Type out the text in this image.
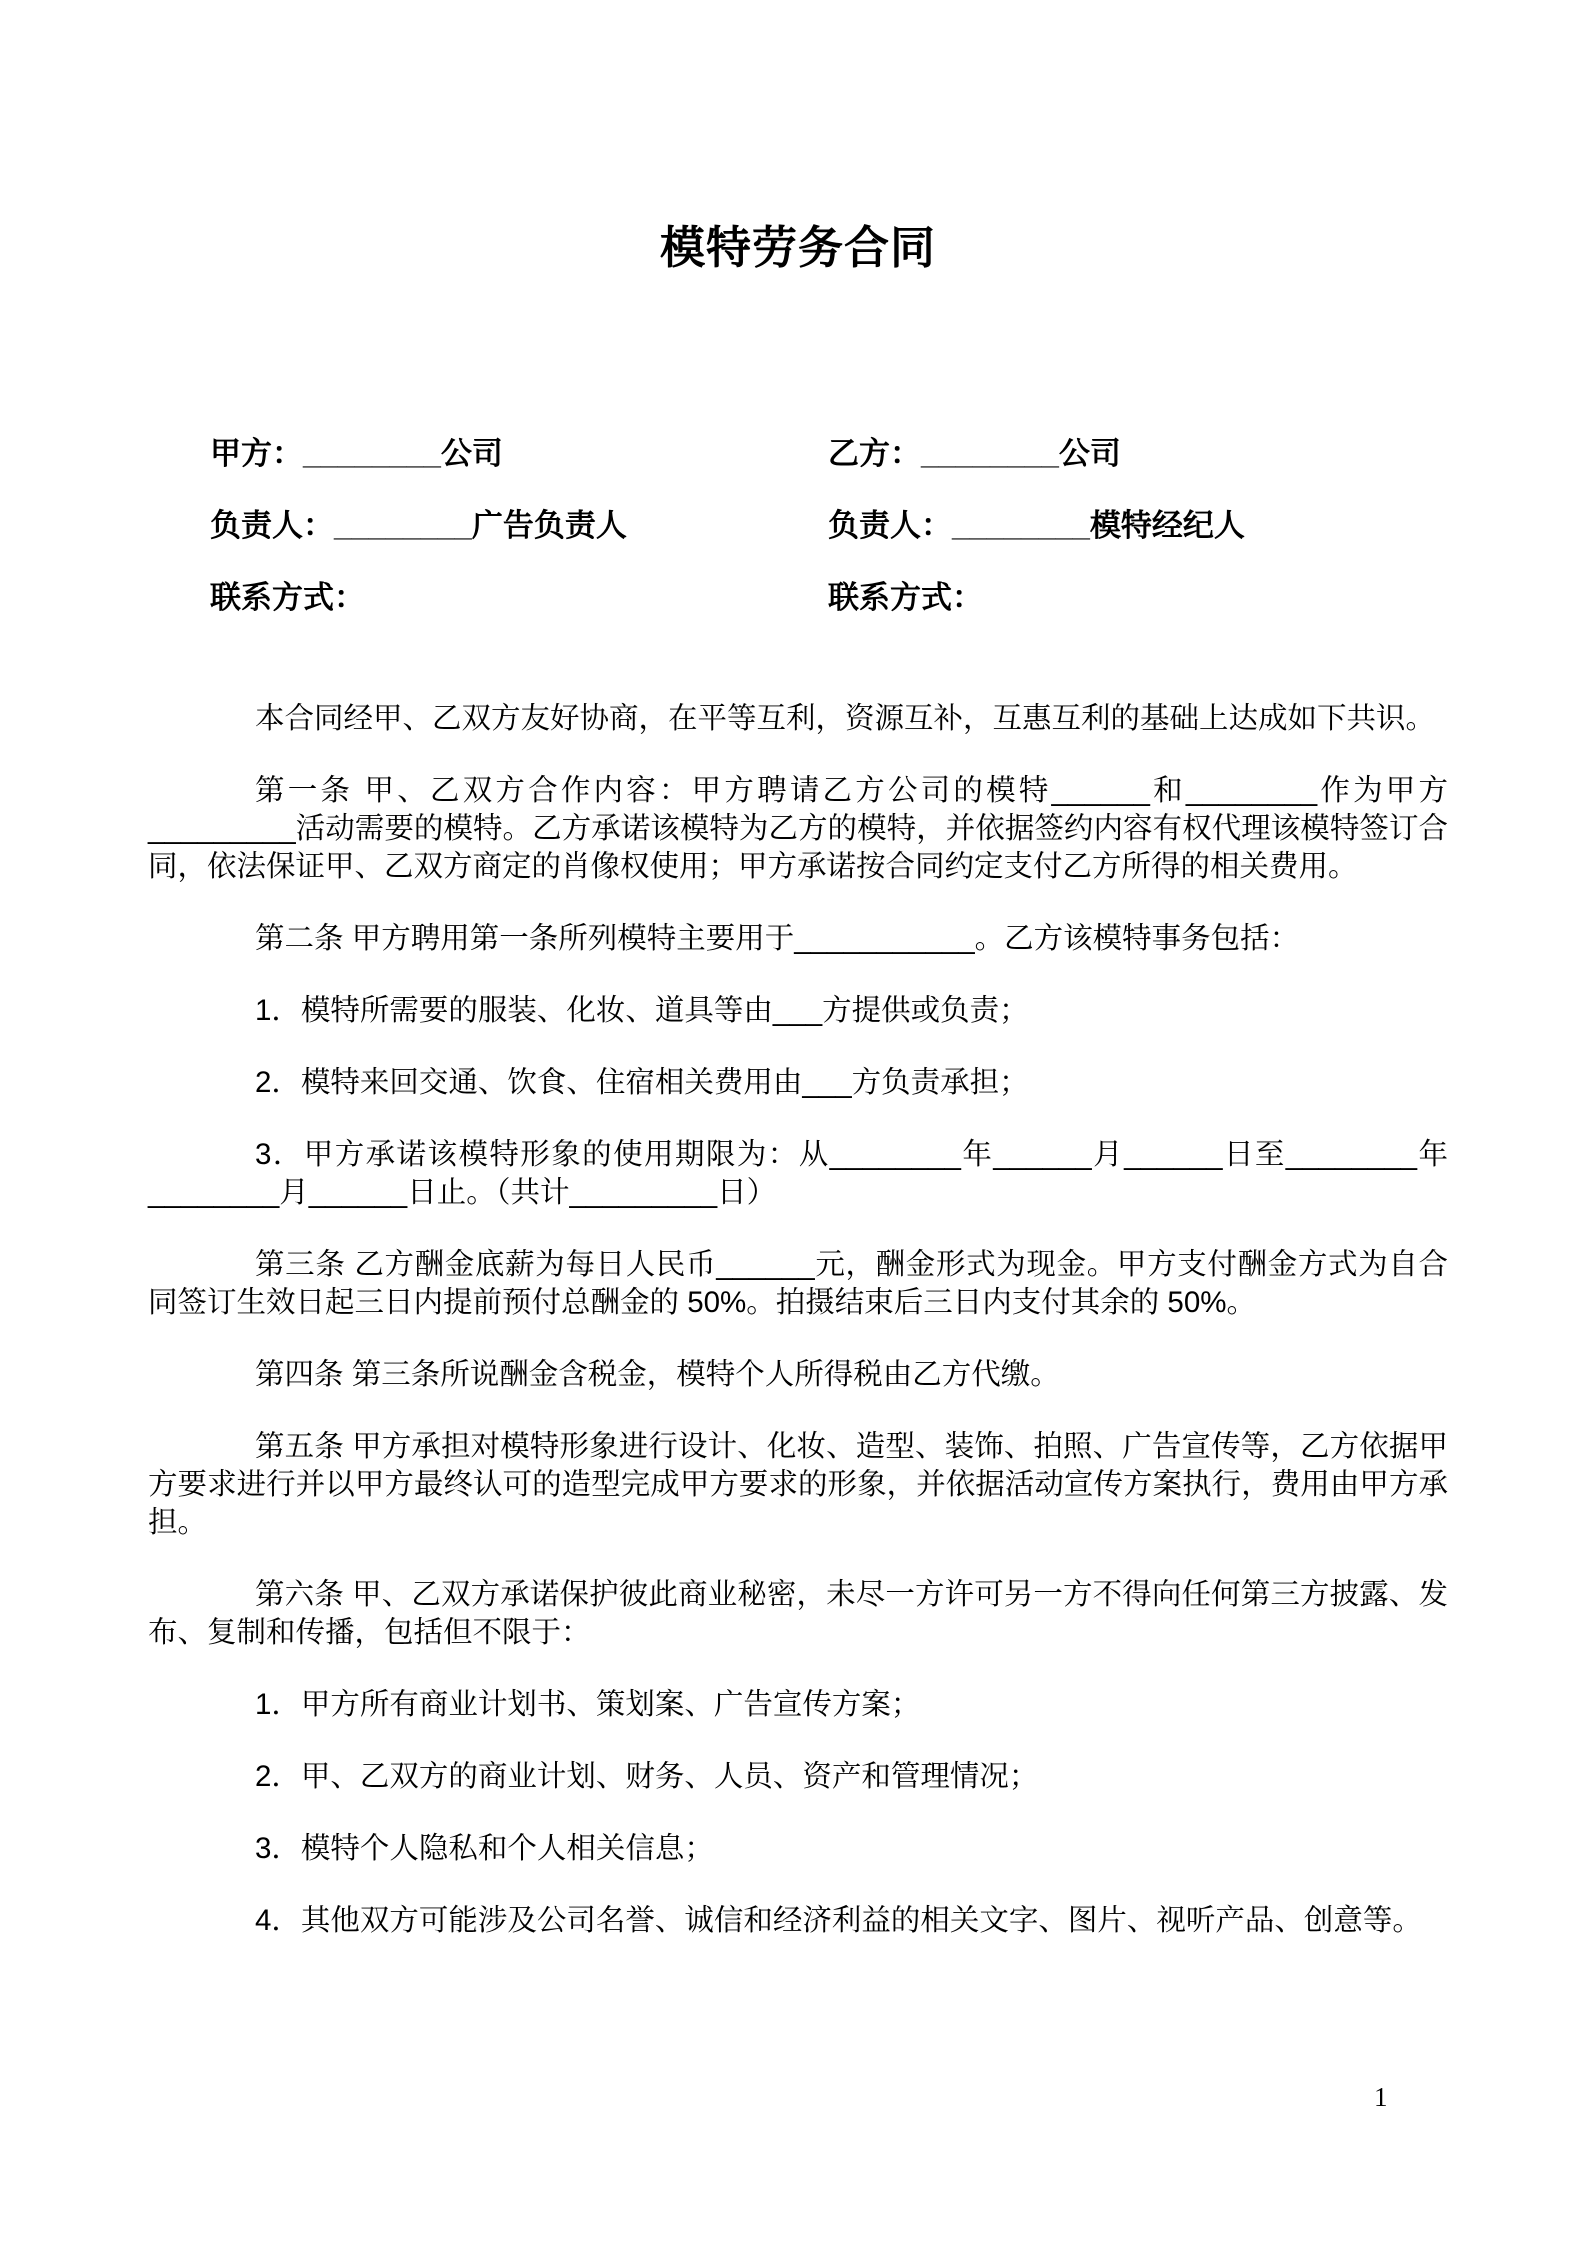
模特劳务合同

甲方：________公司

负责人：________广告负责人

联系方式：

乙方：________公司

负责人：________模特经纪人

联系方式：

本合同经甲、乙双方友好协商，在平等互利，资源互补，互惠互利的基础上达成如下共识。

第一条 甲、乙双方合作内容：甲方聘请乙方公司的模特______和________作为甲方_________活动需要的模特。乙方承诺该模特为乙方的模特，并依据签约内容有权代理该模特签订合同，依法保证甲、乙双方商定的肖像权使用；甲方承诺按合同约定支付乙方所得的相关费用。

第二条 甲方聘用第一条所列模特主要用于___________。乙方该模特事务包括：

1．模特所需要的服装、化妆、道具等由___方提供或负责；

2．模特来回交通、饮食、住宿相关费用由___方负责承担；

3．甲方承诺该模特形象的使用期限为：从________年______月______日至________年________月______日止。（共计_________日）

第三条 乙方酬金底薪为每日人民币______元，酬金形式为现金。甲方支付酬金方式为自合同签订生效日起三日内提前预付总酬金的 50%。拍摄结束后三日内支付其余的 50%。

第四条 第三条所说酬金含税金，模特个人所得税由乙方代缴。

第五条 甲方承担对模特形象进行设计、化妆、造型、装饰、拍照、广告宣传等，乙方依据甲方要求进行并以甲方最终认可的造型完成甲方要求的形象，并依据活动宣传方案执行，费用由甲方承担。

第六条 甲、乙双方承诺保护彼此商业秘密，未尽一方许可另一方不得向任何第三方披露、发布、复制和传播，包括但不限于：

1．甲方所有商业计划书、策划案、广告宣传方案；

2．甲、乙双方的商业计划、财务、人员、资产和管理情况；

3．模特个人隐私和个人相关信息；

4．其他双方可能涉及公司名誉、诚信和经济利益的相关文字、图片、视听产品、创意等。

1
